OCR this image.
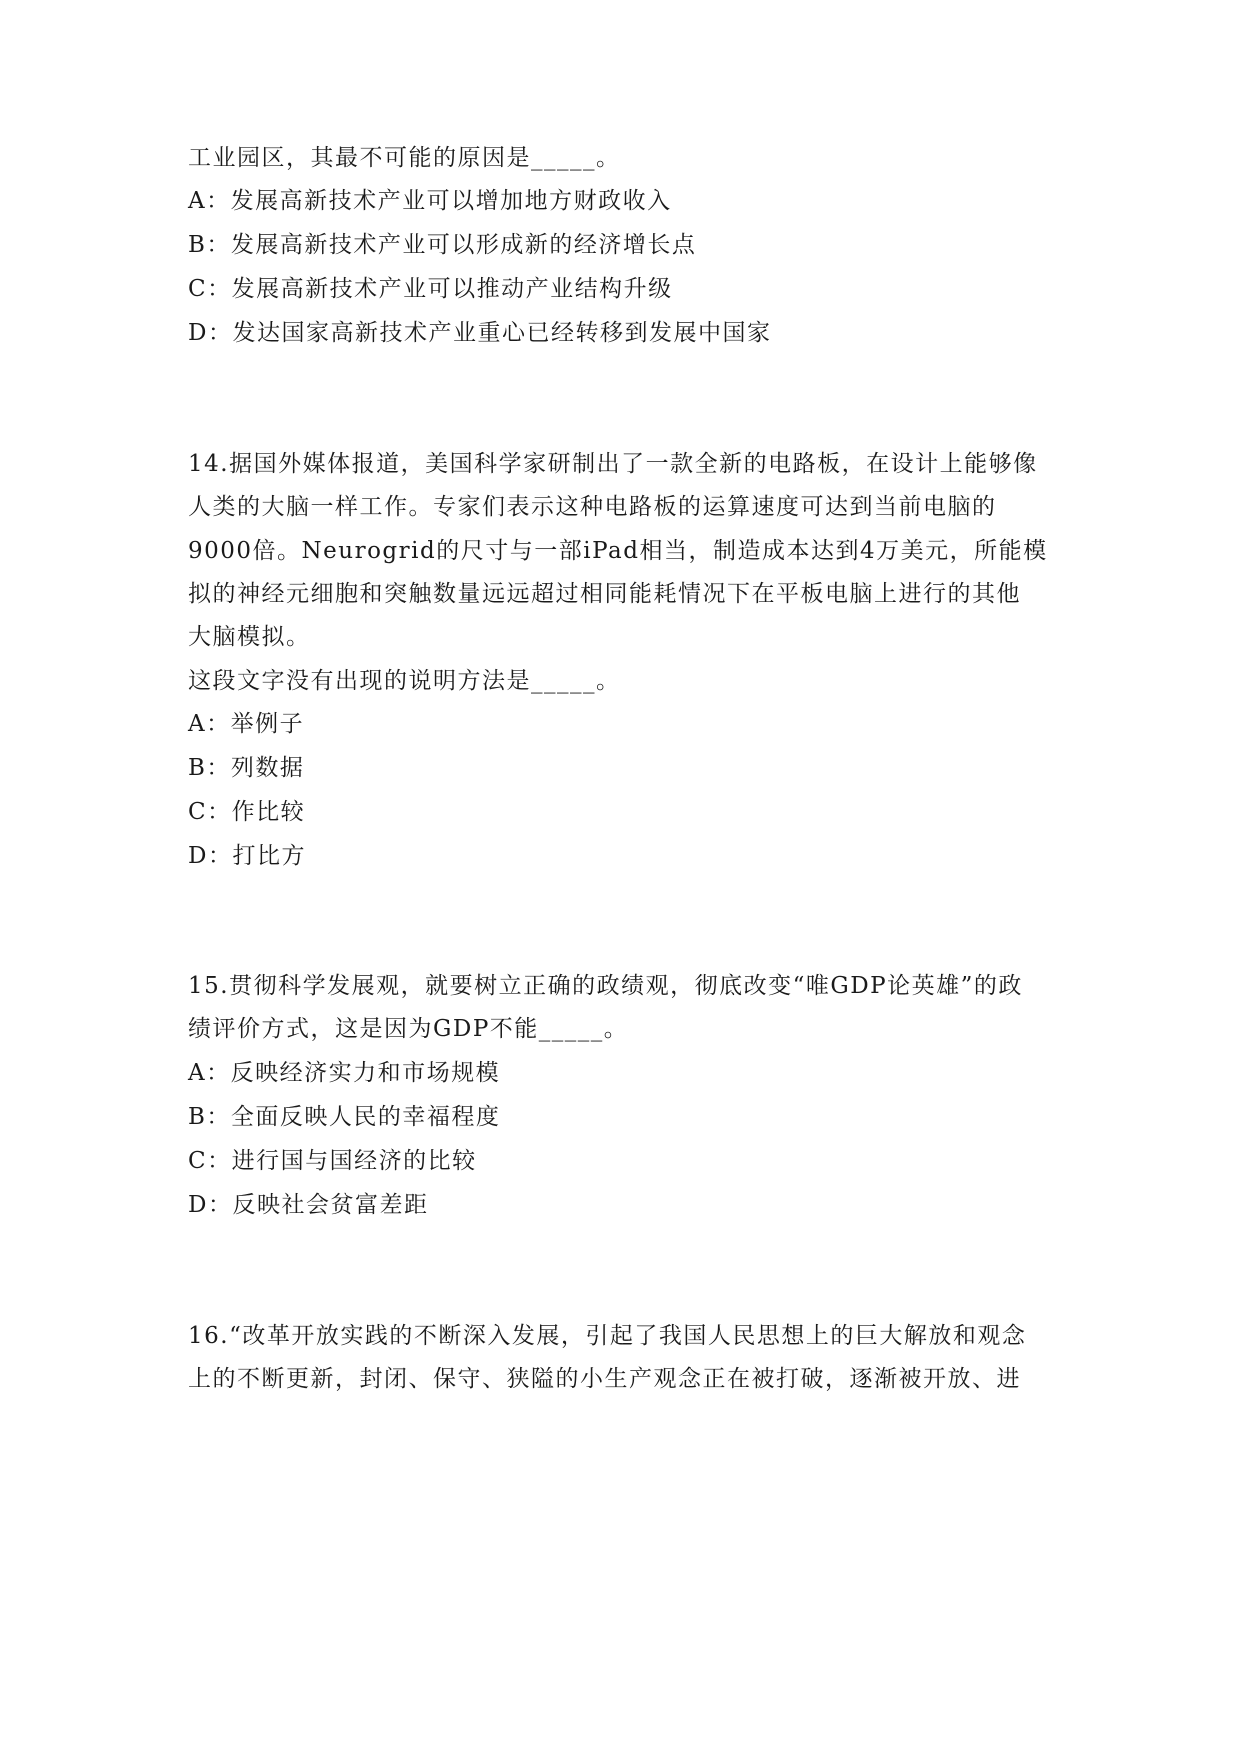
工业园区，其最不可能的原因是_____。
A：发展高新技术产业可以增加地方财政收入
B：发展高新技术产业可以形成新的经济增长点
C：发展高新技术产业可以推动产业结构升级
D：发达国家高新技术产业重心已经转移到发展中国家
14.据国外媒体报道，美国科学家研制出了一款全新的电路板，在设计上能够像
人类的大脑一样工作。专家们表示这种电路板的运算速度可达到当前电脑的
9000倍。Neurogrid的尺寸与一部iPad相当，制造成本达到4万美元，所能模
拟的神经元细胞和突触数量远远超过相同能耗情况下在平板电脑上进行的其他
大脑模拟。
这段文字没有出现的说明方法是_____。
A：举例子
B：列数据
C：作比较
D：打比方
15.贯彻科学发展观，就要树立正确的政绩观，彻底改变“唯GDP论英雄”的政
绩评价方式，这是因为GDP不能_____。
A：反映经济实力和市场规模
B：全面反映人民的幸福程度
C：进行国与国经济的比较
D：反映社会贫富差距
16.“改革开放实践的不断深入发展，引起了我国人民思想上的巨大解放和观念
上的不断更新，封闭、保守、狭隘的小生产观念正在被打破，逐渐被开放、进
